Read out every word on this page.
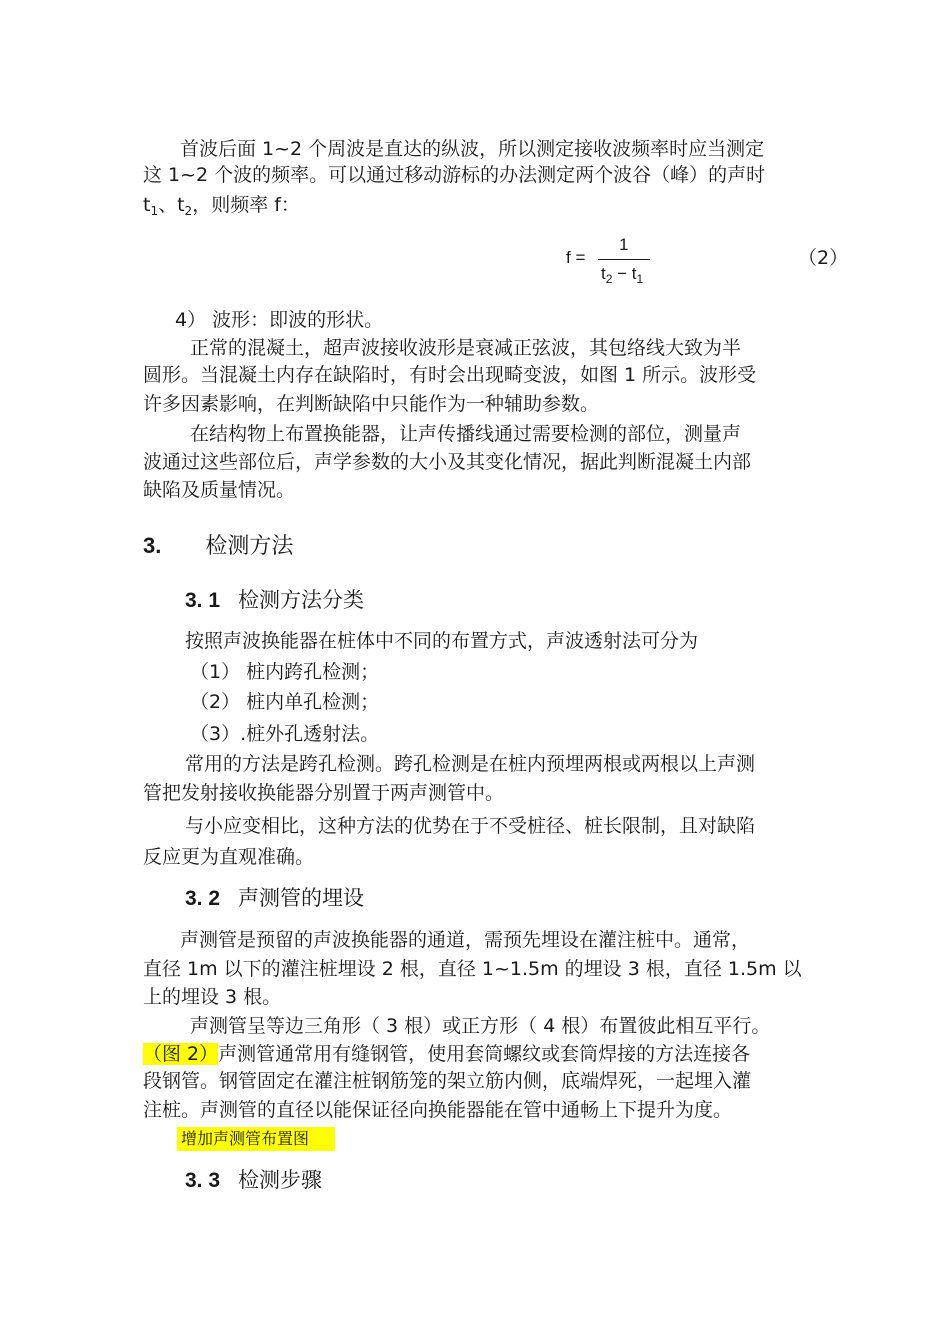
首波后面 1~2 个周波是直达的纵波，所以测定接收波频率时应当测定
这 1~2 个波的频率。可以通过移动游标的办法测定两个波谷（峰）的声时
$t_1$、$t_2$，则频率 f：
f =
1
$t_2 - t_1$
（2）
4） 波形：即波的形状。
正常的混凝土，超声波接收波形是衰减正弦波，其包络线大致为半
圆形。当混凝土内存在缺陷时，有时会出现畸变波，如图 1 所示。波形受
许多因素影响，在判断缺陷中只能作为一种辅助参数。
在结构物上布置换能器，让声传播线通过需要检测的部位，测量声
波通过这些部位后，声学参数的大小及其变化情况，据此判断混凝土内部
缺陷及质量情况。
3. 检测方法
3. 1 检测方法分类
按照声波换能器在桩体中不同的布置方式，声波透射法可分为
（1） 桩内跨孔检测；
（2） 桩内单孔检测；
（3）.桩外孔透射法。
常用的方法是跨孔检测。跨孔检测是在桩内预埋两根或两根以上声测
管把发射接收换能器分别置于两声测管中。
与小应变相比，这种方法的优势在于不受桩径、桩长限制，且对缺陷
反应更为直观准确。
3. 2 声测管的埋设
声测管是预留的声波换能器的通道，需预先埋设在灌注桩中。通常，
直径 1m 以下的灌注桩埋设 2 根，直径 1~1.5m 的埋设 3 根，直径 1.5m 以
上的埋设 3 根。
声测管呈等边三角形（ 3 根）或正方形（ 4 根）布置彼此相互平行。
（图 2）声测管通常用有缝钢管，使用套筒螺纹或套筒焊接的方法连接各
段钢管。钢管固定在灌注桩钢筋笼的架立筋内侧，底端焊死，一起埋入灌
注桩。声测管的直径以能保证径向换能器能在管中通畅上下提升为度。
增加声测管布置图
3. 3 检测步骤
